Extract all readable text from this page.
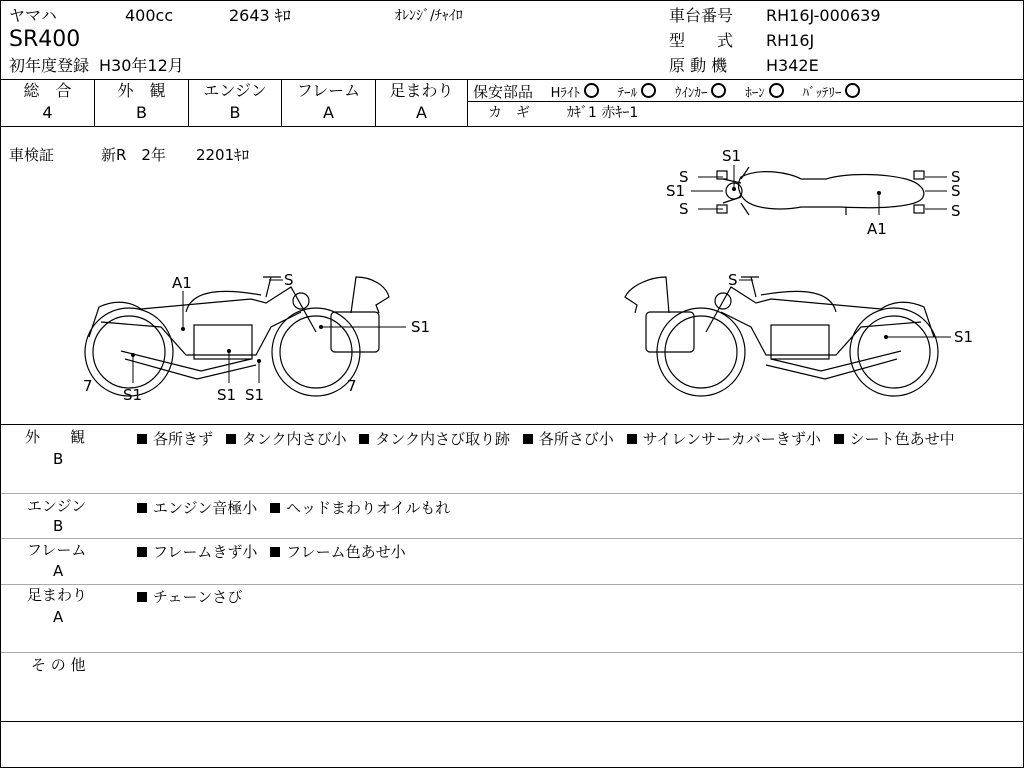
ヤマハ	400cc	2643 ｷﾛ	ｵﾚﾝｼﾞ/ﾁｬｲﾛ
SR400
初年度登録 H30年12月
車台番号 RH16J-000639
型　　式 RH16J
原 動 機 H342E
総　合
4
外　観
B
エンジン
B
フレーム
A
足まわり
A
保安部品 Hﾗｲﾄ	ﾃｰﾙ	ｳｲﾝｶｰ	ﾎｰﾝ	ﾊﾞｯﾃﾘｰ
カ　ギ	ｶｷﾞ1 赤ｷｰ1
車検証	新R　2年　　2201ｷﾛ	S1
S
S1
S
S
S
S
A1
A1	S
S1
7	7
S1	S1 S1
S
S1
外　　観
B
各所きず タンク内さび小 タンク内さび取り跡 各所さび小 サイレンサーカバーきず小 シート色あせ中
エンジン
B
エンジン音極小 ヘッドまわりオイルもれ
フレーム
A
フレームきず小 フレーム色あせ小
足まわり
A
チェーンさび
そ の 他
